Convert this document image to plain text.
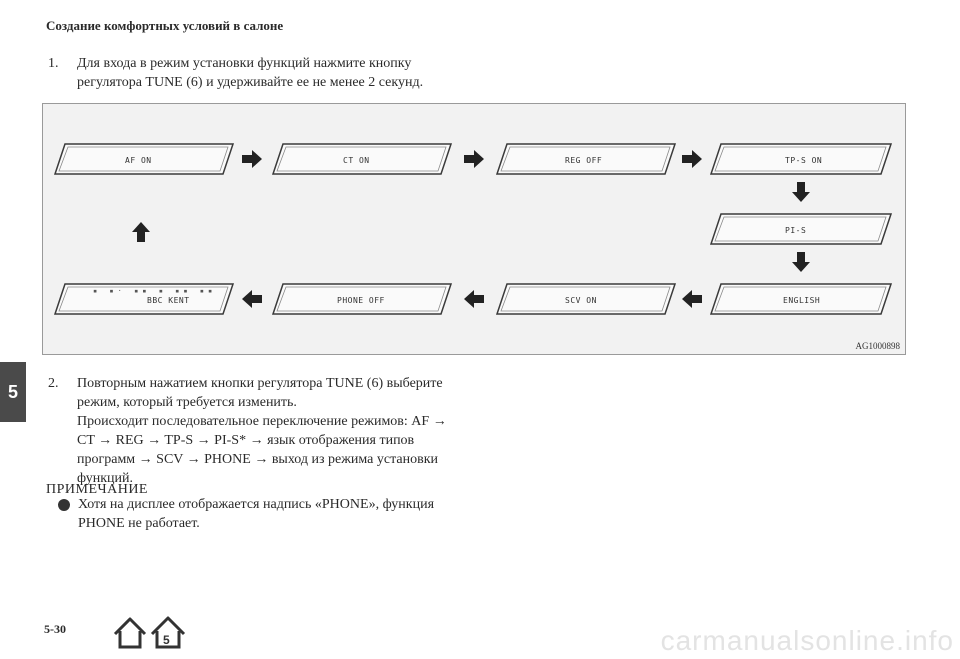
Создание комфортных условий в салоне
1. Для входа в режим установки функций нажмите кнопку
регулятора TUNE (6) и удерживайте ее не менее 2 секунд.
AF ON	CT ON	REG OFF	TP-S ON
PI-S
▪ ▪· ▪▪ ▪ ▪▪ ▪▪
BBC KENT	PHONE OFF	SCV ON	ENGLISH
AG1000898
5	2. Повторным нажатием кнопки регулятора TUNE (6) выберите
режим, который требуется изменить.
Происходит последовательное переключение режимов: AF →
CT → REG → TP-S → PI-S* → язык отображения типов
программ → SCV → PHONE → выход из режима установки
функций.
ПРИМЕЧАНИЕ
Хотя на дисплее отображается надпись «PHONE», функция
PHONE не работает.
5-30
5	carmanualsonline.info
